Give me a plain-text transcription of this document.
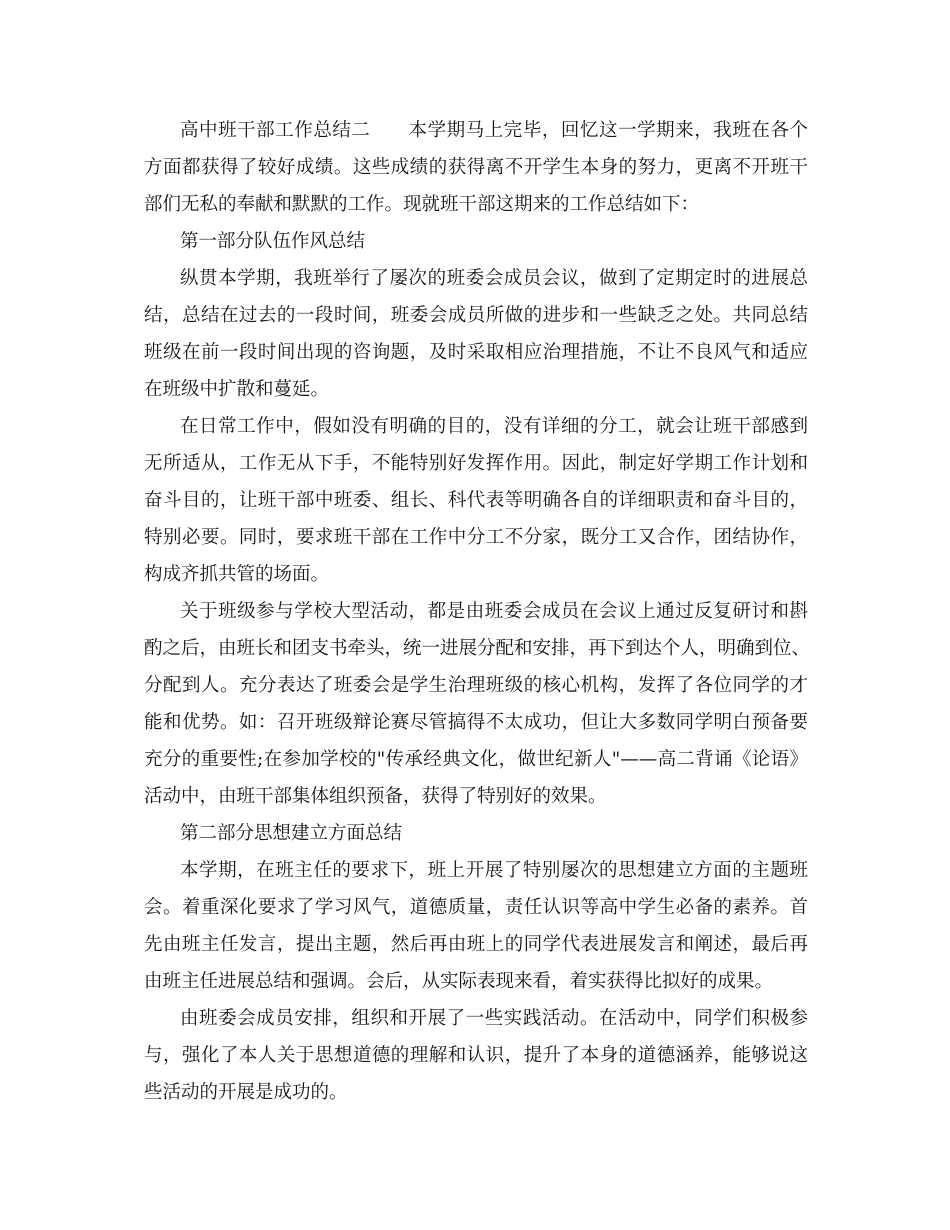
高中班干部工作总结二　　本学期马上完毕，回忆这一学期来，我班在各个
方面都获得了较好成绩。这些成绩的获得离不开学生本身的努力，更离不开班干
部们无私的奉献和默默的工作。现就班干部这期来的工作总结如下：
第一部分队伍作风总结
纵贯本学期，我班举行了屡次的班委会成员会议，做到了定期定时的进展总
结，总结在过去的一段时间，班委会成员所做的进步和一些缺乏之处。共同总结
班级在前一段时间出现的咨询题，及时采取相应治理措施，不让不良风气和适应
在班级中扩散和蔓延。
在日常工作中，假如没有明确的目的，没有详细的分工，就会让班干部感到
无所适从，工作无从下手，不能特别好发挥作用。因此，制定好学期工作计划和
奋斗目的，让班干部中班委、组长、科代表等明确各自的详细职责和奋斗目的，
特别必要。同时，要求班干部在工作中分工不分家，既分工又合作，团结协作，
构成齐抓共管的场面。
关于班级参与学校大型活动，都是由班委会成员在会议上通过反复研讨和斟
酌之后，由班长和团支书牵头，统一进展分配和安排，再下到达个人，明确到位、
分配到人。充分表达了班委会是学生治理班级的核心机构，发挥了各位同学的才
能和优势。如：召开班级辩论赛尽管搞得不太成功，但让大多数同学明白预备要
充分的重要性;在参加学校的"传承经典文化，做世纪新人"——高二背诵《论语》
活动中，由班干部集体组织预备，获得了特别好的效果。
第二部分思想建立方面总结
本学期，在班主任的要求下，班上开展了特别屡次的思想建立方面的主题班
会。着重深化要求了学习风气，道德质量，责任认识等高中学生必备的素养。首
先由班主任发言，提出主题，然后再由班上的同学代表进展发言和阐述，最后再
由班主任进展总结和强调。会后，从实际表现来看，着实获得比拟好的成果。
由班委会成员安排，组织和开展了一些实践活动。在活动中，同学们积极参
与，强化了本人关于思想道德的理解和认识，提升了本身的道德涵养，能够说这
些活动的开展是成功的。
